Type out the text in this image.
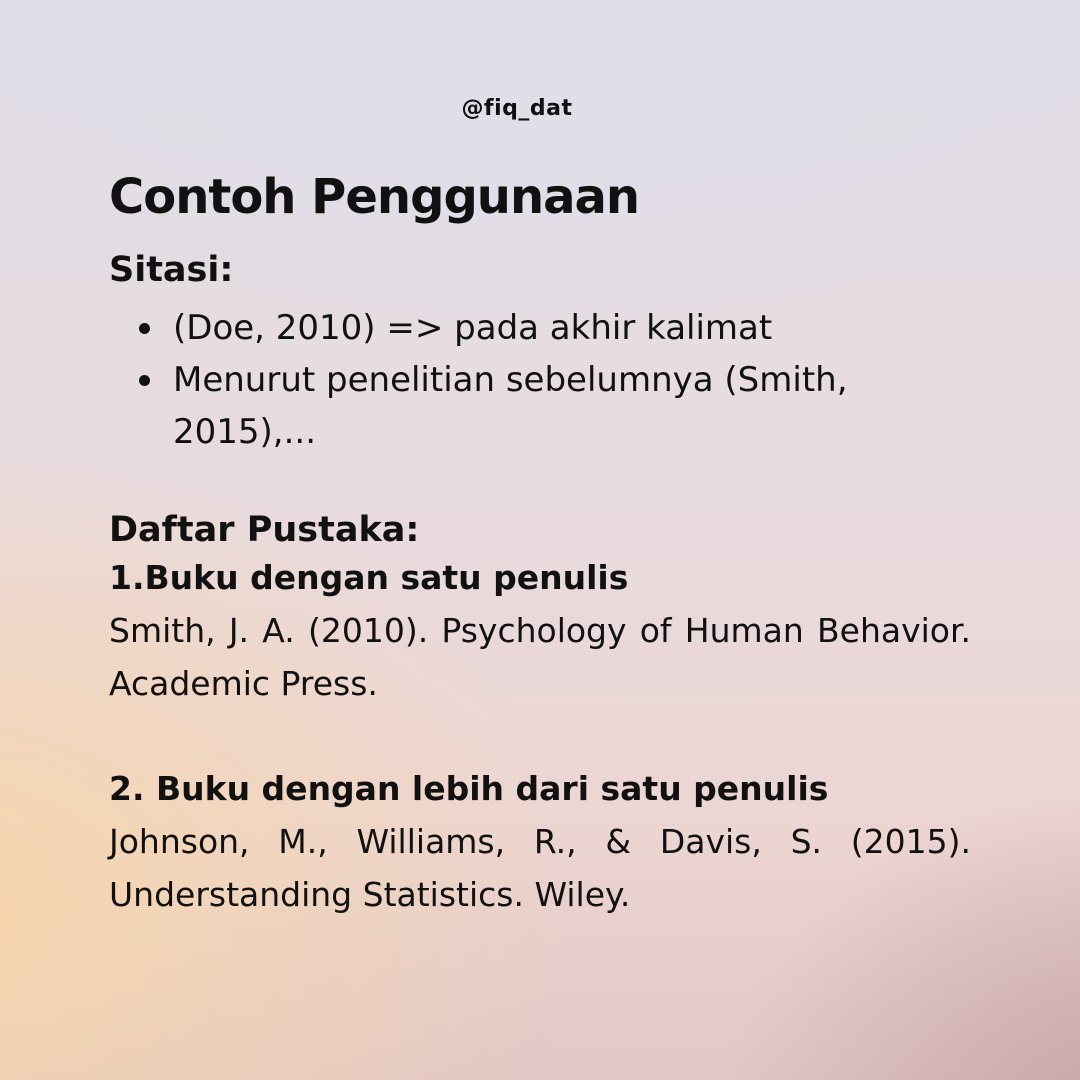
@fiq_dat
Contoh Penggunaan
Sitasi:
(Doe, 2010) => pada akhir kalimat
Menurut penelitian sebelumnya (Smith, 2015),...
Daftar Pustaka:

1.Buku dengan satu penulis

Smith, J. A. (2010). Psychology of Human Behavior. Academic Press.

2. Buku dengan lebih dari satu penulis

Johnson, M., Williams, R., & Davis, S. (2015). Understanding Statistics. Wiley.
